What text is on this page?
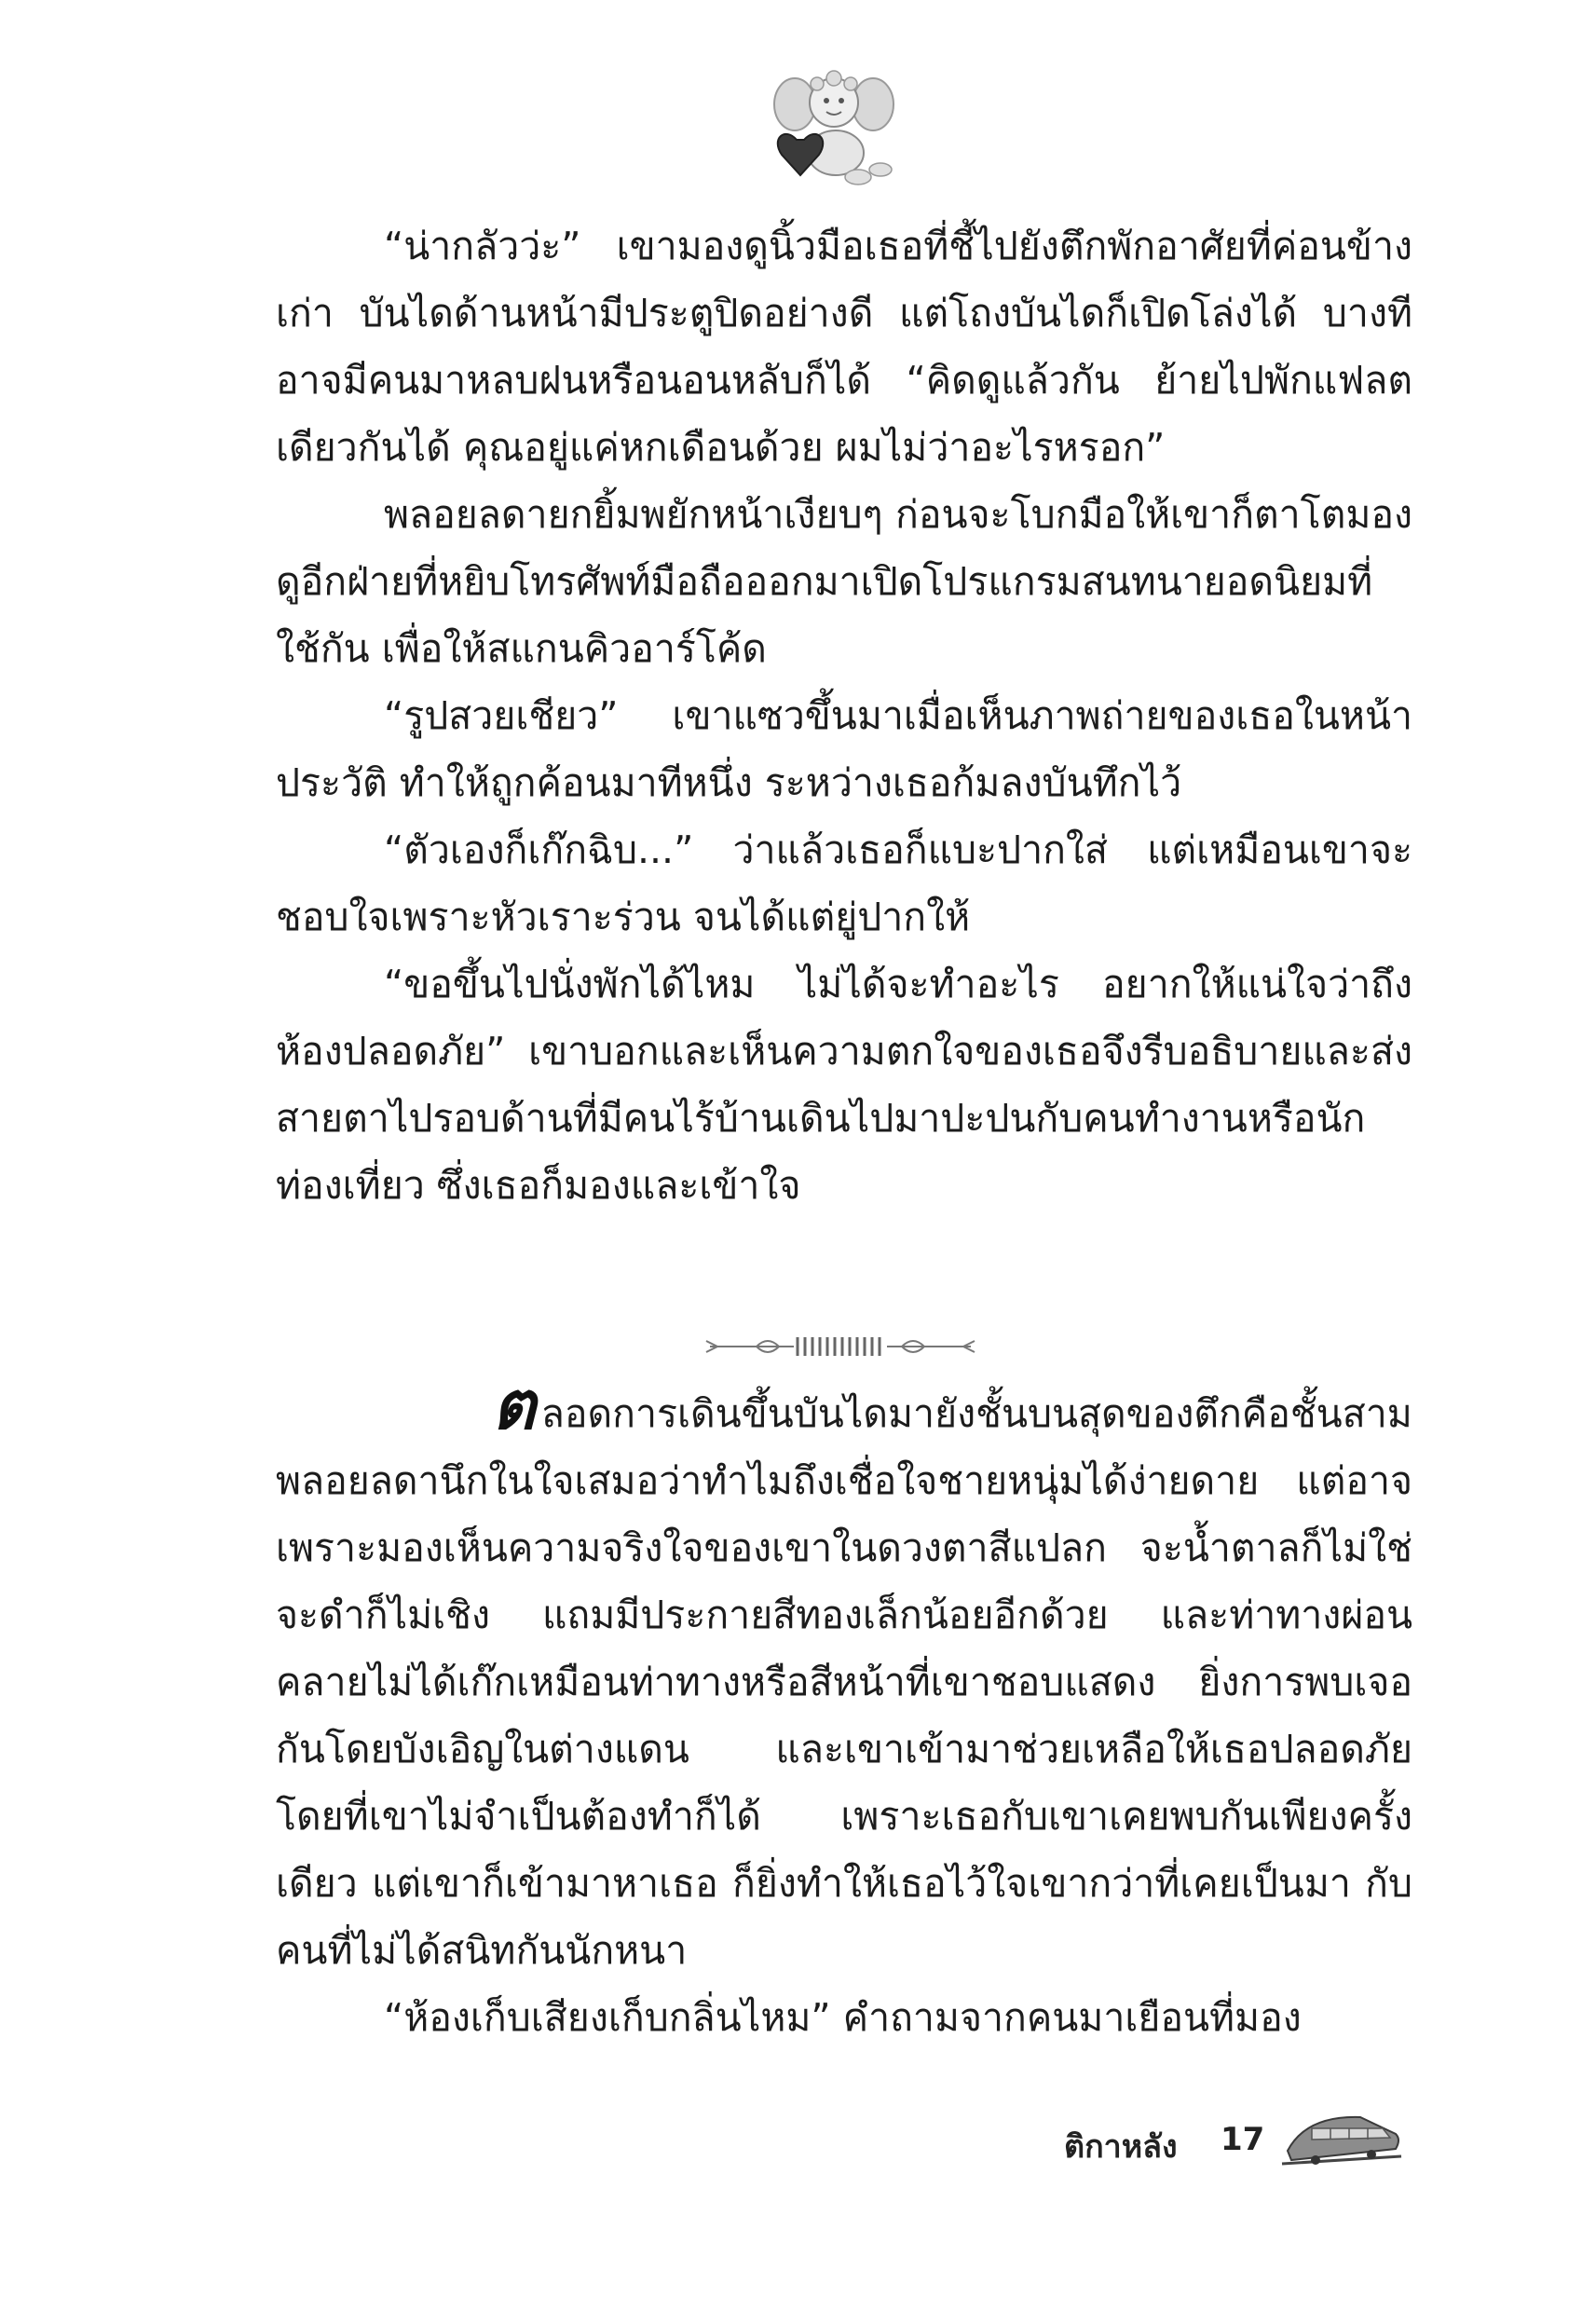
“น่ากลัวว่ะ” เขามองดูนิ้วมือเธอที่ชี้ไปยังตึกพักอาศัยที่ค่อนข้างเก่า บันไดด้านหน้ามีประตูปิดอย่างดี แต่โถงบันไดก็เปิดโล่งได้ บางทีอาจมีคนมาหลบฝนหรือนอนหลับก็ได้ “คิดดูแล้วกัน ย้ายไปพักแฟลตเดียวกันได้ คุณอยู่แค่หกเดือนด้วย ผมไม่ว่าอะไรหรอก”

พลอยลดายกยิ้มพยักหน้าเงียบๆ ก่อนจะโบกมือให้เขาก็ตาโตมองดูอีกฝ่ายที่หยิบโทรศัพท์มือถือออกมาเปิดโปรแกรมสนทนายอดนิยมที่ใช้กัน เพื่อให้สแกนคิวอาร์โค้ด

“รูปสวยเชียว” เขาแซวขึ้นมาเมื่อเห็นภาพถ่ายของเธอในหน้าประวัติ ทำให้ถูกค้อนมาทีหนึ่ง ระหว่างเธอก้มลงบันทึกไว้

“ตัวเองก็เก๊กฉิบ...” ว่าแล้วเธอก็แบะปากใส่ แต่เหมือนเขาจะชอบใจเพราะหัวเราะร่วน จนได้แต่ยู่ปากให้

“ขอขึ้นไปนั่งพักได้ไหม ไม่ได้จะทำอะไร อยากให้แน่ใจว่าถึงห้องปลอดภัย” เขาบอกและเห็นความตกใจของเธอจึงรีบอธิบายและส่งสายตาไปรอบด้านที่มีคนไร้บ้านเดินไปมาปะปนกับคนทำงานหรือนักท่องเที่ยว ซึ่งเธอก็มองและเข้าใจ

ตลอดการเดินขึ้นบันไดมายังชั้นบนสุดของตึกคือชั้นสามพลอยลดานึกในใจเสมอว่าทำไมถึงเชื่อใจชายหนุ่มได้ง่ายดาย แต่อาจเพราะมองเห็นความจริงใจของเขาในดวงตาสีแปลก จะน้ำตาลก็ไม่ใช่จะดำก็ไม่เชิง แถมมีประกายสีทองเล็กน้อยอีกด้วย และท่าทางผ่อนคลายไม่ได้เก๊กเหมือนท่าทางหรือสีหน้าที่เขาชอบแสดง ยิ่งการพบเจอกันโดยบังเอิญในต่างแดน และเขาเข้ามาช่วยเหลือให้เธอปลอดภัย โดยที่เขาไม่จำเป็นต้องทำก็ได้ เพราะเธอกับเขาเคยพบกันเพียงครั้งเดียว แต่เขาก็เข้ามาหาเธอ ก็ยิ่งทำให้เธอไว้ใจเขากว่าที่เคยเป็นมา กับคนที่ไม่ได้สนิทกันนักหนา

“ห้องเก็บเสียงเก็บกลิ่นไหม” คำถามจากคนมาเยือนที่มอง

ติกาหลัง 17
